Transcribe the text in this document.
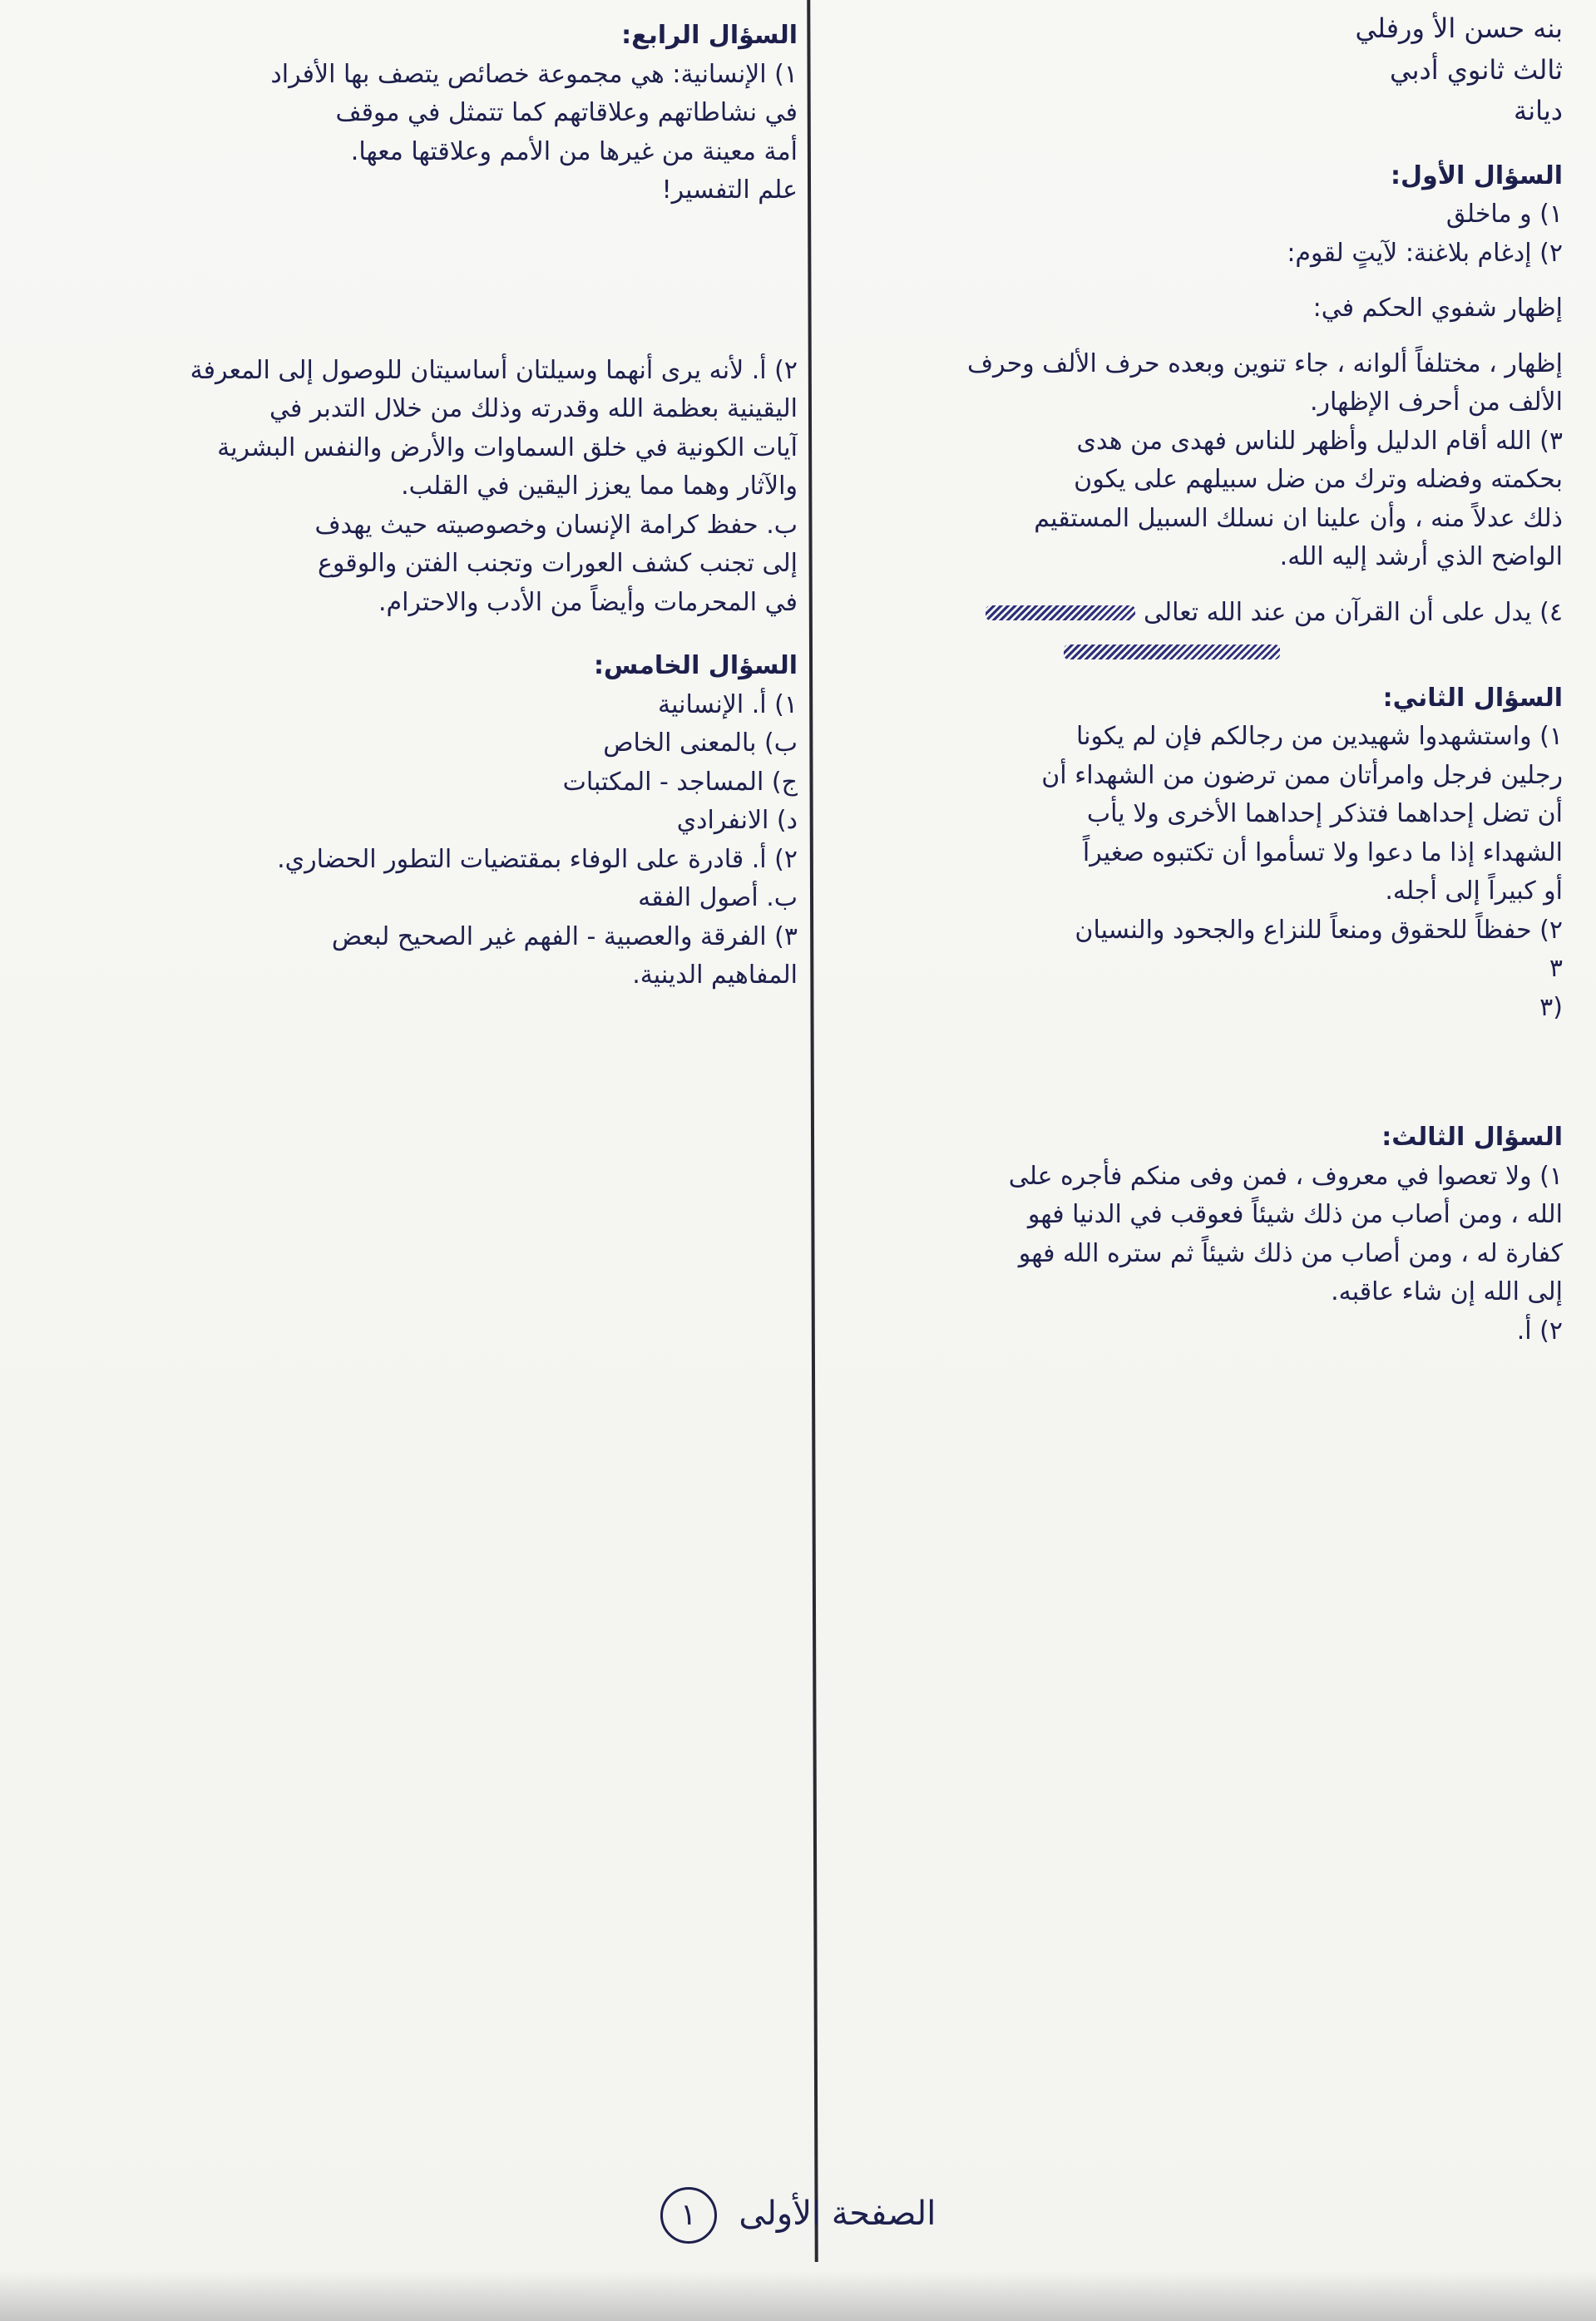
بنه حسن الأ ورفلي
ثالث ثانوي أدبي
ديانة
السؤال الأول:
١) و ماخلق
٢) إدغام بلاغنة: لآيتٍ لقوم:
إظهار شفوي الحكم في:
إظهار ، مختلفاً ألوانه ، جاء تنوين وبعده حرف الألف وحرف
الألف من أحرف الإظهار.
٣) الله أقام الدليل وأظهر للناس فهدى من هدى
بحكمته وفضله وترك من ضل سبيلهم على يكون
ذلك عدلاً منه ، وأن علينا ان نسلك السبيل المستقيم
الواضح الذي أرشد إليه الله.
٤) يدل على أن القرآن من عند الله تعالى
السؤال الثاني:
١) واستشهدوا شهيدين من رجالكم فإن لم يكونا
رجلين فرجل وامرأتان ممن ترضون من الشهداء أن
أن تضل إحداهما فتذكر إحداهما الأخرى ولا يأب
الشهداء إذا ما دعوا ولا تسأموا أن تكتبوه صغيراً
أو كبيراً إلى أجله.
٢) حفظاً للحقوق ومنعاً للنزاع والجحود والنسيان
٣
(٣
السؤال الثالث:
١) ولا تعصوا في معروف ، فمن وفى منكم فأجره على
الله ، ومن أصاب من ذلك شيئاً فعوقب في الدنيا فهو
كفارة له ، ومن أصاب من ذلك شيئاً ثم ستره الله فهو
إلى الله إن شاء عاقبه.
٢) أ.
السؤال الرابع:
١) الإنسانية: هي مجموعة خصائص يتصف بها الأفراد
في نشاطاتهم وعلاقاتهم كما تتمثل في موقف
أمة معينة من غيرها من الأمم وعلاقتها معها.
علم التفسير!
٢) أ. لأنه يرى أنهما وسيلتان أساسيتان للوصول إلى المعرفة
اليقينية بعظمة الله وقدرته وذلك من خلال التدبر في
آيات الكونية في خلق السماوات والأرض والنفس البشرية
والآثار وهما مما يعزز اليقين في القلب.
ب. حفظ كرامة الإنسان وخصوصيته حيث يهدف
إلى تجنب كشف العورات وتجنب الفتن والوقوع
في المحرمات وأيضاً من الأدب والاحترام.
السؤال الخامس:
١) أ. الإنسانية
ب) بالمعنى الخاص
ج) المساجد - المكتبات
د) الانفرادي
٢) أ. قادرة على الوفاء بمقتضيات التطور الحضاري.
ب. أصول الفقه
٣) الفرقة والعصبية - الفهم غير الصحيح لبعض
المفاهيم الدينية.
الصفحة الأولى ١
